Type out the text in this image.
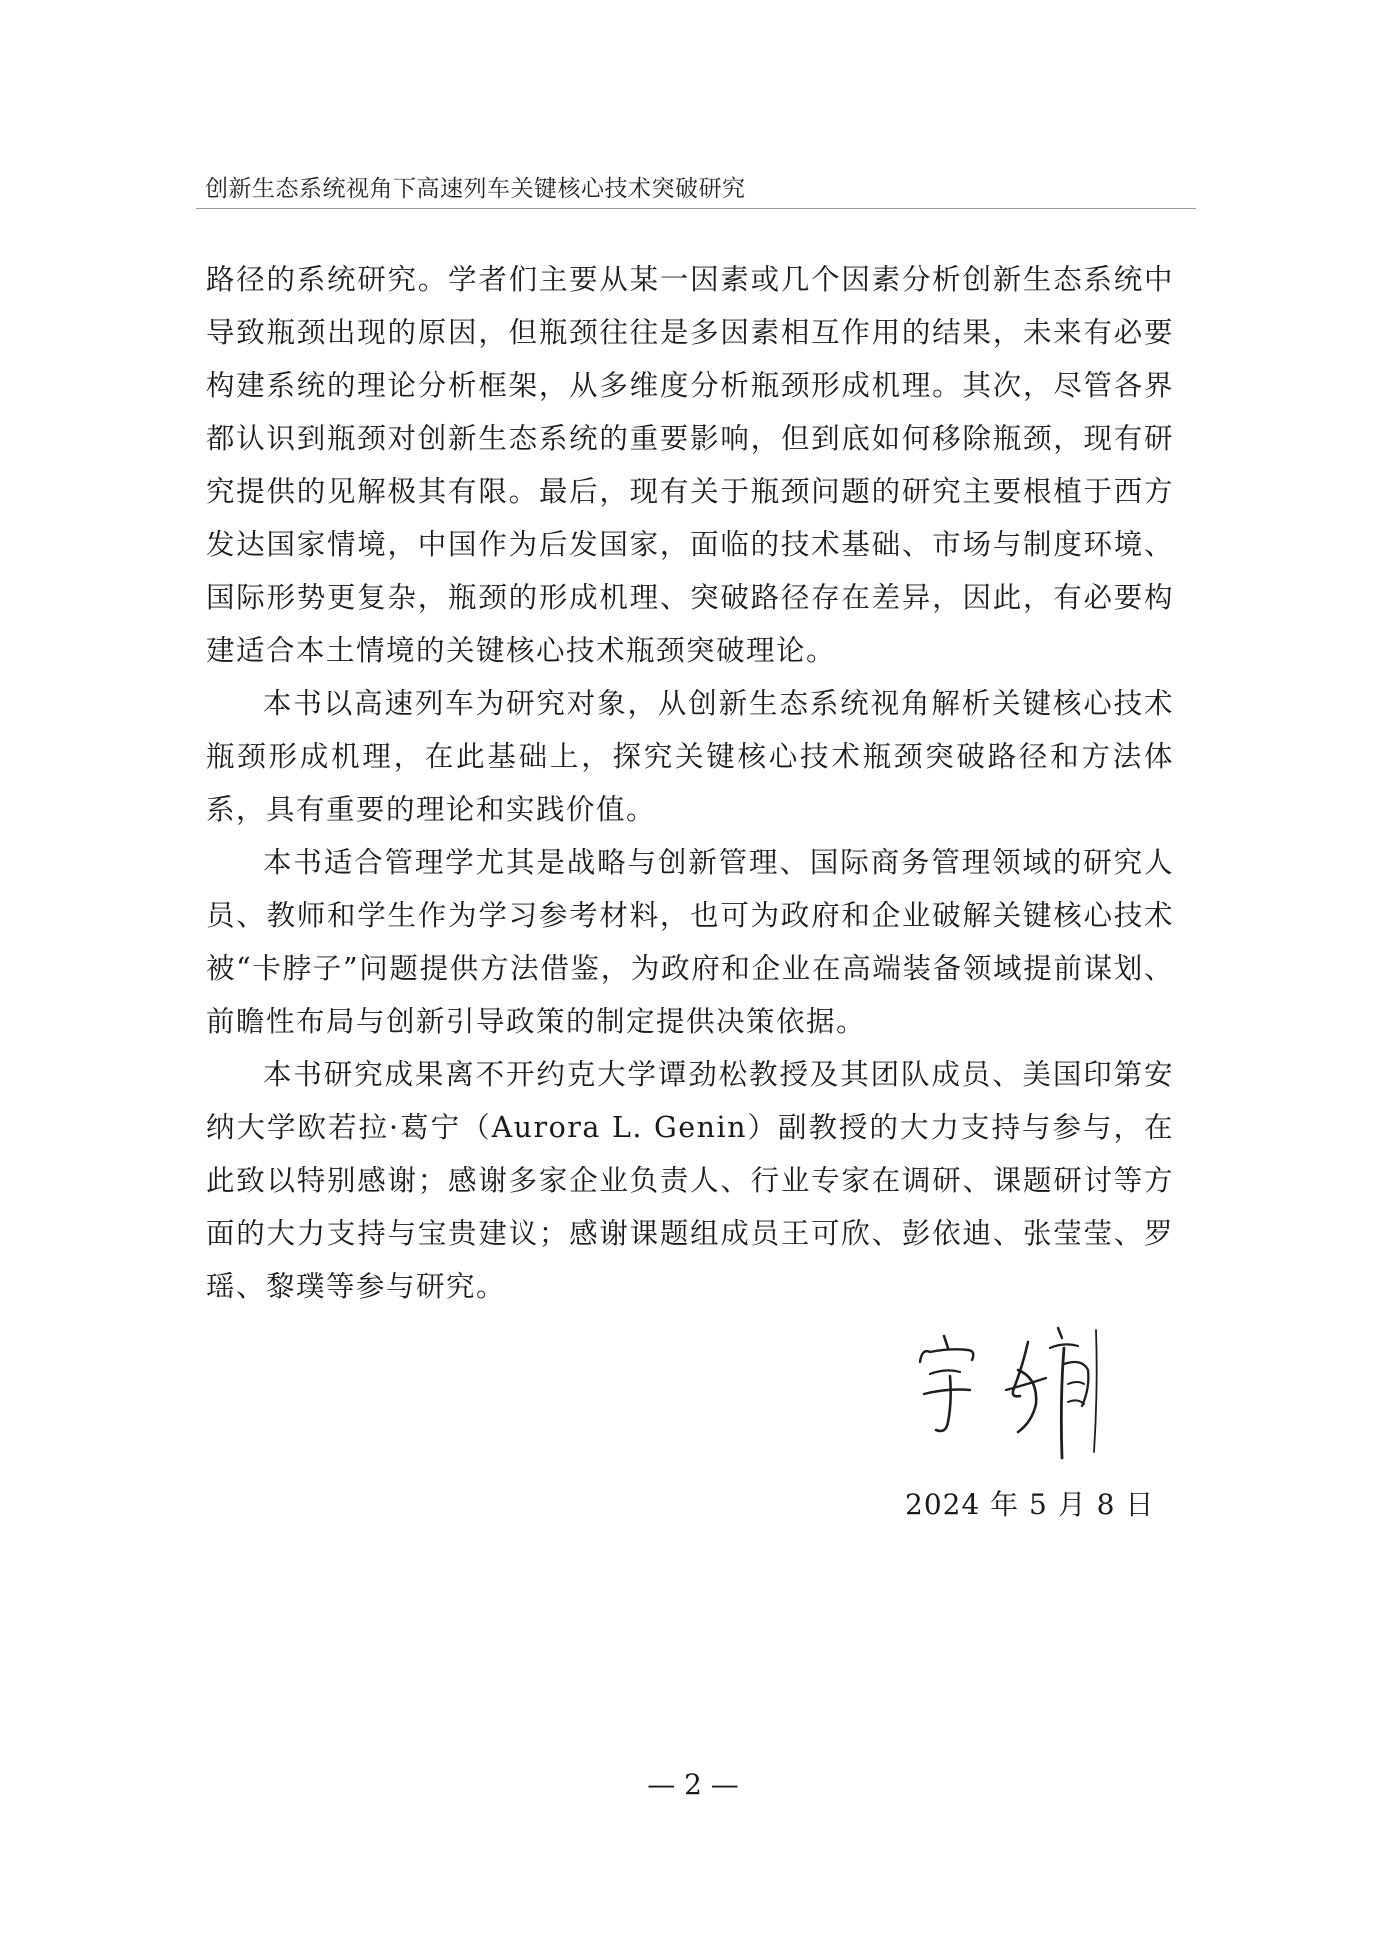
创新生态系统视角下高速列车关键核心技术突破研究

路径的系统研究。学者们主要从某一因素或几个因素分析创新生态系统中导致瓶颈出现的原因，但瓶颈往往是多因素相互作用的结果，未来有必要构建系统的理论分析框架，从多维度分析瓶颈形成机理。其次，尽管各界都认识到瓶颈对创新生态系统的重要影响，但到底如何移除瓶颈，现有研究提供的见解极其有限。最后，现有关于瓶颈问题的研究主要根植于西方发达国家情境，中国作为后发国家，面临的技术基础、市场与制度环境、国际形势更复杂，瓶颈的形成机理、突破路径存在差异，因此，有必要构建适合本土情境的关键核心技术瓶颈突破理论。

本书以高速列车为研究对象，从创新生态系统视角解析关键核心技术瓶颈形成机理，在此基础上，探究关键核心技术瓶颈突破路径和方法体系，具有重要的理论和实践价值。

本书适合管理学尤其是战略与创新管理、国际商务管理领域的研究人员、教师和学生作为学习参考材料，也可为政府和企业破解关键核心技术被“卡脖子”问题提供方法借鉴，为政府和企业在高端装备领域提前谋划、前瞻性布局与创新引导政策的制定提供决策依据。

本书研究成果离不开约克大学谭劲松教授及其团队成员、美国印第安纳大学欧若拉·葛宁（Aurora L. Genin）副教授的大力支持与参与，在此致以特别感谢；感谢多家企业负责人、行业专家在调研、课题研讨等方面的大力支持与宝贵建议；感谢课题组成员王可欣、彭依迪、张莹莹、罗瑶、黎璞等参与研究。

2024 年 5 月 8 日
— 2 —
